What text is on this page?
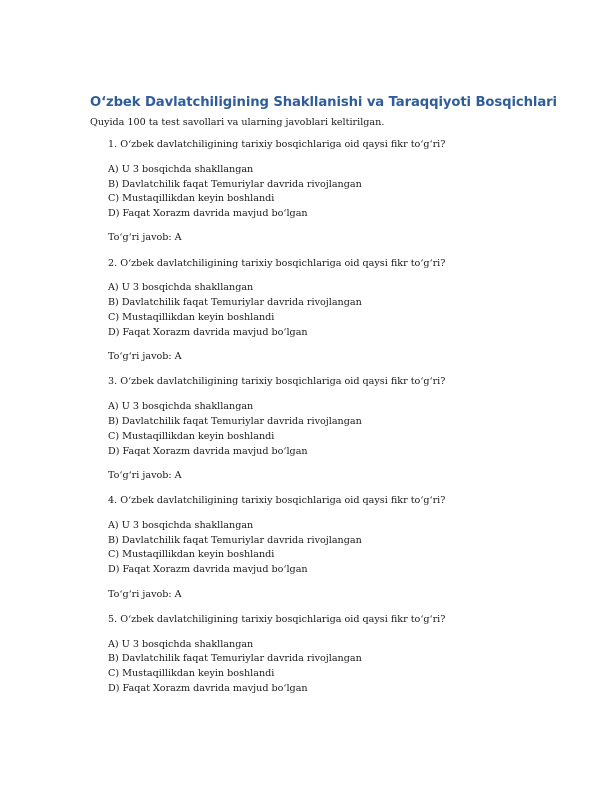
O‘zbek Davlatchiligining Shakllanishi va Taraqqiyoti Bosqichlari

Quyida 100 ta test savollari va ularning javoblari keltirilgan.

1. O‘zbek davlatchiligining tarixiy bosqichlariga oid qaysi fikr to‘g‘ri?
A) U 3 bosqichda shakllangan
B) Davlatchilik faqat Temuriylar davrida rivojlangan
C) Mustaqillikdan keyin boshlandi
D) Faqat Xorazm davrida mavjud bo‘lgan
To‘g‘ri javob: A
2. O‘zbek davlatchiligining tarixiy bosqichlariga oid qaysi fikr to‘g‘ri?
A) U 3 bosqichda shakllangan
B) Davlatchilik faqat Temuriylar davrida rivojlangan
C) Mustaqillikdan keyin boshlandi
D) Faqat Xorazm davrida mavjud bo‘lgan
To‘g‘ri javob: A
3. O‘zbek davlatchiligining tarixiy bosqichlariga oid qaysi fikr to‘g‘ri?
A) U 3 bosqichda shakllangan
B) Davlatchilik faqat Temuriylar davrida rivojlangan
C) Mustaqillikdan keyin boshlandi
D) Faqat Xorazm davrida mavjud bo‘lgan
To‘g‘ri javob: A
4. O‘zbek davlatchiligining tarixiy bosqichlariga oid qaysi fikr to‘g‘ri?
A) U 3 bosqichda shakllangan
B) Davlatchilik faqat Temuriylar davrida rivojlangan
C) Mustaqillikdan keyin boshlandi
D) Faqat Xorazm davrida mavjud bo‘lgan
To‘g‘ri javob: A
5. O‘zbek davlatchiligining tarixiy bosqichlariga oid qaysi fikr to‘g‘ri?
A) U 3 bosqichda shakllangan
B) Davlatchilik faqat Temuriylar davrida rivojlangan
C) Mustaqillikdan keyin boshlandi
D) Faqat Xorazm davrida mavjud bo‘lgan
